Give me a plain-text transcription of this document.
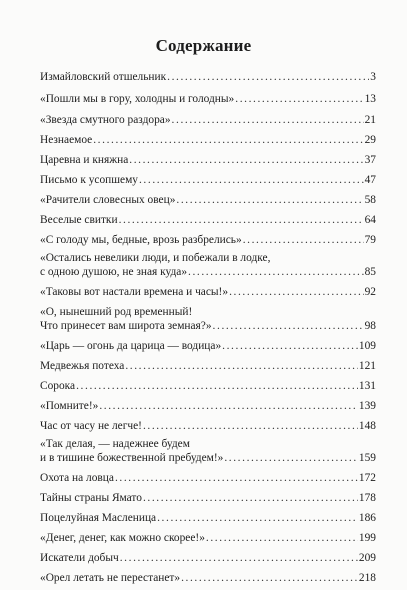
Содержание
Измайловский отшельник .....	3
«Пошли мы в гору, холодны и голодны» .....	13
«Звезда смутного раздора» .....	21
Незнаемое .....	29
Царевна и княжна .....	37
Письмо к усопшему .....	47
«Рачители словесных овец» .....	58
Веселые свитки .....	64
«С голоду мы, бедные, врозь разбрелись» .....	79
«Остались невелики люди, и побежали в лодке,
с одною душою, не зная куда» .....	85
«Таковы вот настали времена и часы!» .....	92
«О, нынешний род временный!
Что принесет вам широта земная?» .....	98
«Царь — огонь да царица — водица» .....	109
Медвежья потеха .....	121
Сорока .....	131
«Помните!» .....	139
Час от часу не легче! .....	148
«Так делая, — надежнее будем
и в тишине божественной пребудем!» .....	159
Охота на ловца .....	172
Тайны страны Ямато .....	178
Поцелуйная Масленица .....	186
«Денег, денег, как можно скорее!» .....	199
Искатели добыч .....	209
«Орел летать не перестанет» .....	218
